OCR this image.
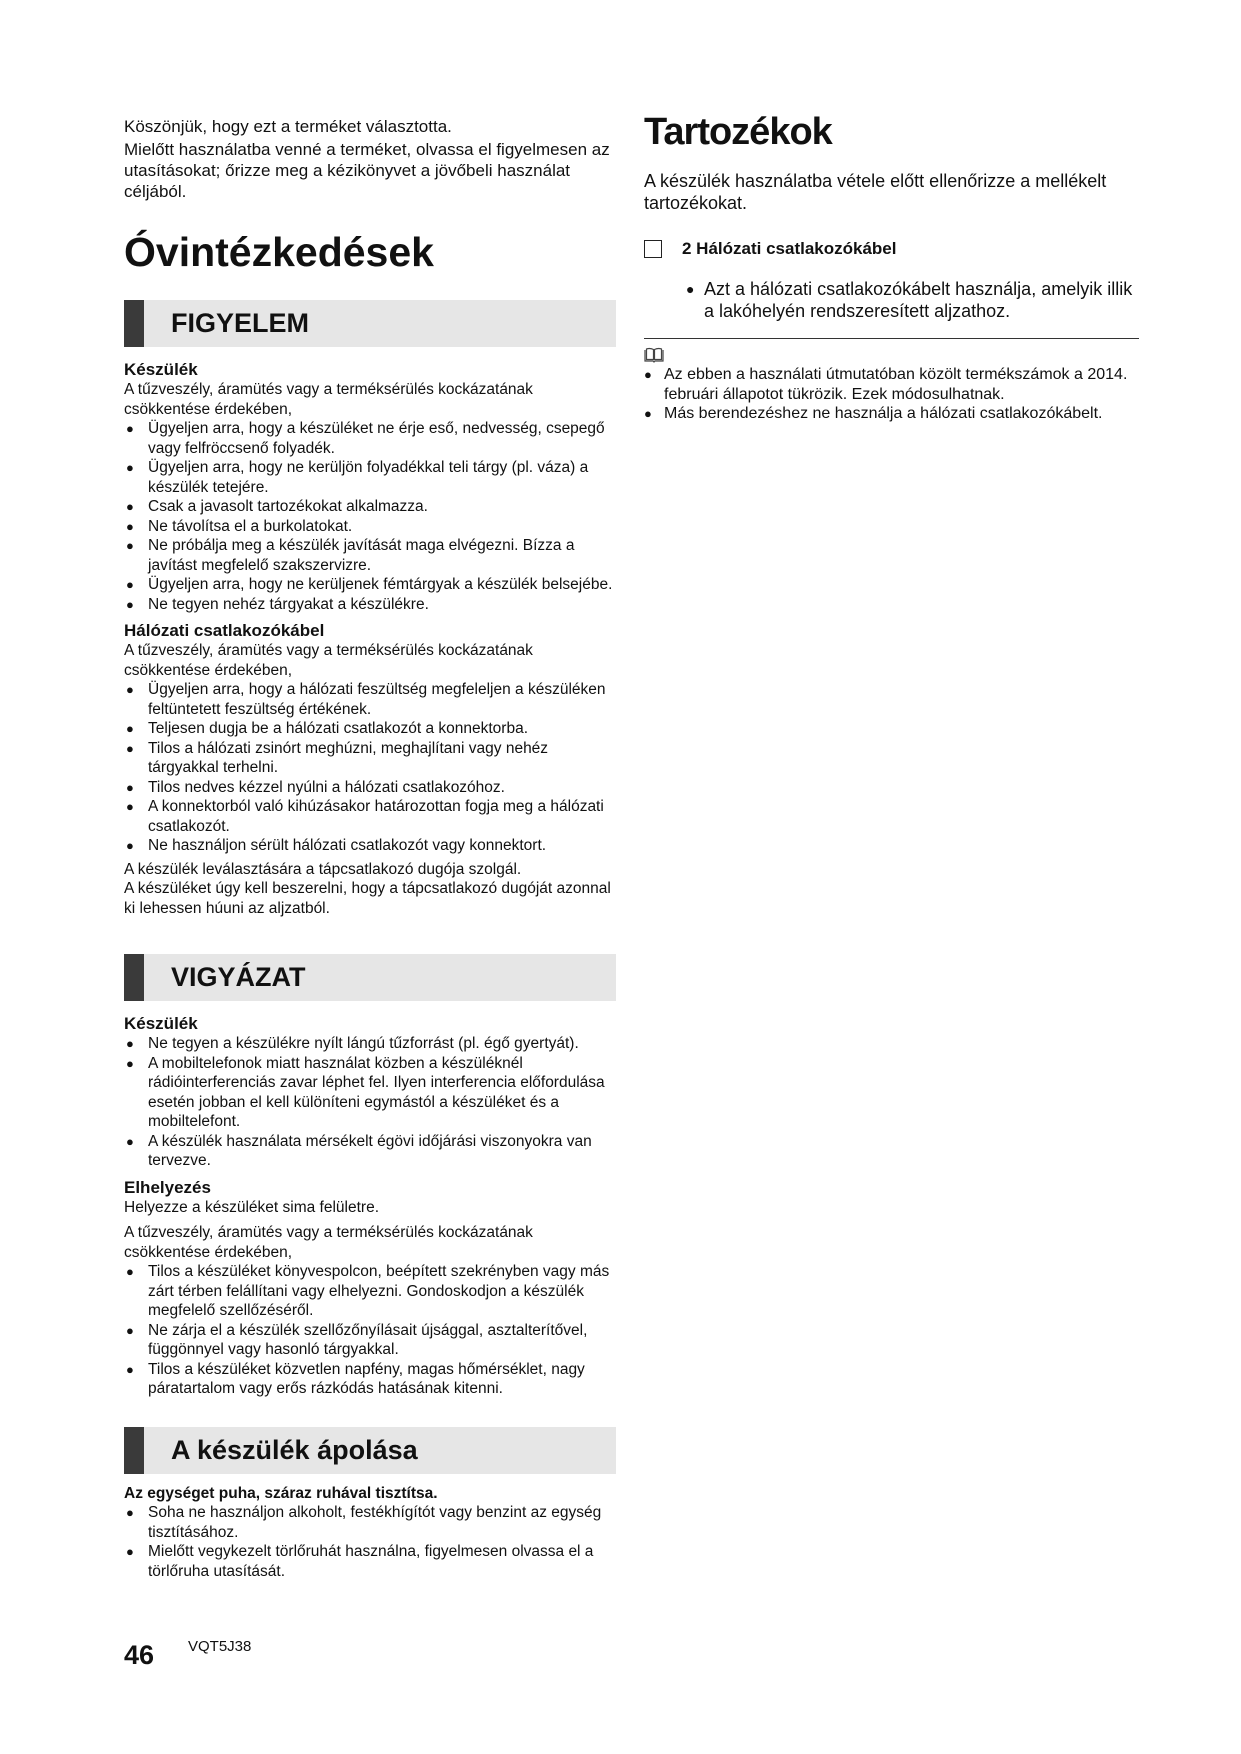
Köszönjük, hogy ezt a terméket választotta.

Mielőtt használatba venné a terméket, olvassa el figyelmesen az utasításokat; őrizze meg a kézikönyvet a jövőbeli használat céljából.

Óvintézkedések
FIGYELEM
Készülék

A tűzveszély, áramütés vagy a terméksérülés kockázatának csökkentése érdekében,

● Ügyeljen arra, hogy a készüléket ne érje eső, nedvesség, csepegő vagy felfröccsenő folyadék.
● Ügyeljen arra, hogy ne kerüljön folyadékkal teli tárgy (pl. váza) a készülék tetejére.
● Csak a javasolt tartozékokat alkalmazza.
● Ne távolítsa el a burkolatokat.
● Ne próbálja meg a készülék javítását maga elvégezni. Bízza a javítást megfelelő szakszervizre.
● Ügyeljen arra, hogy ne kerüljenek fémtárgyak a készülék belsejébe.
● Ne tegyen nehéz tárgyakat a készülékre.
Hálózati csatlakozókábel

A tűzveszély, áramütés vagy a terméksérülés kockázatának csökkentése érdekében,

● Ügyeljen arra, hogy a hálózati feszültség megfeleljen a készüléken feltüntetett feszültség értékének.
● Teljesen dugja be a hálózati csatlakozót a konnektorba.
● Tilos a hálózati zsinórt meghúzni, meghajlítani vagy nehéz tárgyakkal terhelni.
● Tilos nedves kézzel nyúlni a hálózati csatlakozóhoz.
● A konnektorból való kihúzásakor határozottan fogja meg a hálózati csatlakozót.
● Ne használjon sérült hálózati csatlakozót vagy konnektort.

A készülék leválasztására a tápcsatlakozó dugója szolgál.

A készüléket úgy kell beszerelni, hogy a tápcsatlakozó dugóját azonnal ki lehessen húuni az aljzatból.

VIGYÁZAT
Készülék
● Ne tegyen a készülékre nyílt lángú tűzforrást (pl. égő gyertyát).
● A mobiltelefonok miatt használat közben a készüléknél rádióinterferenciás zavar léphet fel. Ilyen interferencia előfordulása esetén jobban el kell különíteni egymástól a készüléket és a mobiltelefont.
● A készülék használata mérsékelt égövi időjárási viszonyokra van tervezve.
Elhelyezés

Helyezze a készüléket sima felületre.

A tűzveszély, áramütés vagy a terméksérülés kockázatának csökkentése érdekében,

● Tilos a készüléket könyvespolcon, beépített szekrényben vagy más zárt térben felállítani vagy elhelyezni. Gondoskodjon a készülék megfelelő szellőzéséről.
● Ne zárja el a készülék szellőzőnyílásait újsággal, asztalterítővel, függönnyel vagy hasonló tárgyakkal.
● Tilos a készüléket közvetlen napfény, magas hőmérséklet, nagy páratartalom vagy erős rázkódás hatásának kitenni.
A készülék ápolása

Az egységet puha, száraz ruhával tisztítsa.

● Soha ne használjon alkoholt, festékhígítót vagy benzint az egység tisztításához.
● Mielőtt vegykezelt törlőruhát használna, figyelmesen olvassa el a törlőruha utasítását.
Tartozékok

A készülék használatba vétele előtt ellenőrizze a mellékelt tartozékokat.

2 Hálózati csatlakozókábel
● Azt a hálózati csatlakozókábelt használja, amelyik illik a lakóhelyén rendszeresített aljzathoz.
● Az ebben a használati útmutatóban közölt termékszámok a 2014. februári állapotot tükrözik. Ezek módosulhatnak.
● Más berendezéshez ne használja a hálózati csatlakozókábelt.
46 VQT5J38
